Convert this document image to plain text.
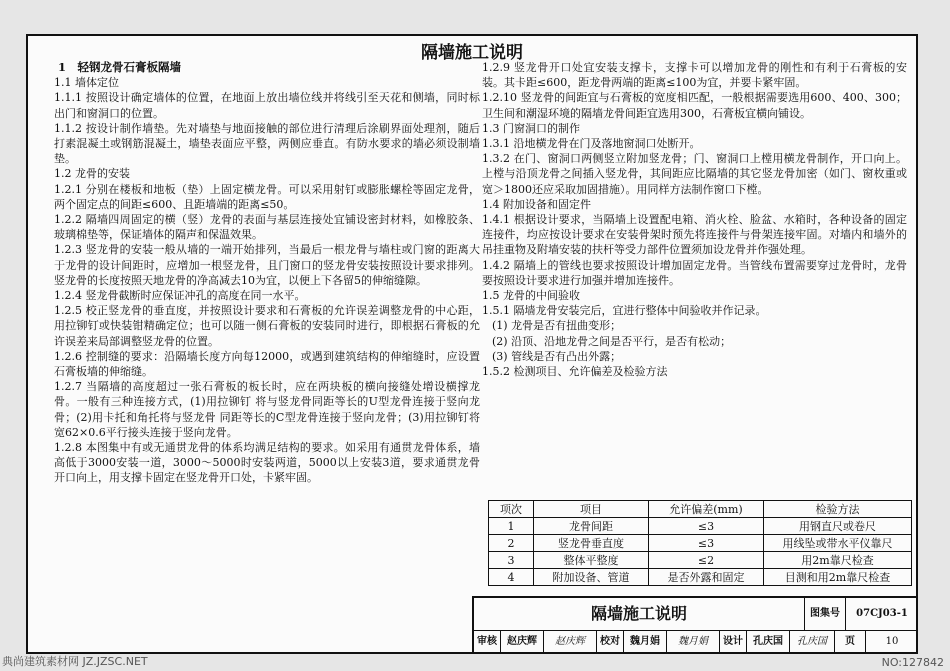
隔墙施工说明

1　轻钢龙骨石膏板隔墙

1.1 墙体定位

1.1.1 按照设计确定墙体的位置，在地面上放出墙位线并将线引至天花和侧墙，同时标出门和窗洞口的位置。

1.1.2 按设计制作墙垫。先对墙垫与地面接触的部位进行清理后涂刷界面处理剂，随后打素混凝土或钢筋混凝土，墙垫表面应平整，两侧应垂直。有防水要求的墙必须设制墙垫。

1.2 龙骨的安装

1.2.1 分别在楼板和地板（垫）上固定横龙骨。可以采用射钉或膨胀螺栓等固定龙骨，两个固定点的间距≤600、且距墙端的距离≤50。

1.2.2 隔墙四周固定的横（竖）龙骨的表面与基层连接处宜铺设密封材料，如橡胶条、玻璃棉垫等，保证墙体的隔声和保温效果。

1.2.3 竖龙骨的安装一般从墙的一端开始排列，当最后一根龙骨与墙柱或门窗的距离大于龙骨的设计间距时，应增加一根竖龙骨，且门窗口的竖龙骨安装按照设计要求排列。竖龙骨的长度按照天地龙骨的净高减去10为宜，以便上下各留5的伸缩缝隙。

1.2.4 竖龙骨截断时应保证冲孔的高度在同一水平。

1.2.5 校正竖龙骨的垂直度，并按照设计要求和石膏板的允许误差调整龙骨的中心距，用拉铆钉或快装钳精确定位；也可以随一侧石膏板的安装同时进行，即根据石膏板的允许误差来局部调整竖龙骨的位置。

1.2.6 控制缝的要求：沿隔墙长度方向每12000，或遇到建筑结构的伸缩缝时，应设置石膏板墙的伸缩缝。

1.2.7 当隔墙的高度超过一张石膏板的板长时，应在两块板的横向接缝处增设横撑龙骨。一般有三种连接方式，(1)用拉铆钉 将与竖龙骨同距等长的U型龙骨连接于竖向龙骨；(2)用卡托和角托将与竖龙骨 同距等长的C型龙骨连接于竖向龙骨；(3)用拉铆钉将宽62×0.6平行接头连接于竖向龙骨。

1.2.8 本图集中有或无通贯龙骨的体系均满足结构的要求。如采用有通贯龙骨体系，墙高低于3000安装一道，3000～5000时安装两道，5000以上安装3道，要求通贯龙骨开口向上，用支撑卡固定在竖龙骨开口处，卡紧牢固。

1.2.9 竖龙骨开口处宜安装支撑卡，支撑卡可以增加龙骨的刚性和有利于石膏板的安装。其卡距≤600，距龙骨两端的距离≤100为宜，并要卡紧牢固。

1.2.10 竖龙骨的间距宜与石膏板的宽度相匹配，一般根据需要选用600、400、300；卫生间和潮湿环境的隔墙龙骨间距宜选用300，石膏板宜横向铺设。

1.3 门窗洞口的制作

1.3.1 沿地横龙骨在门及落地窗洞口处断开。

1.3.2 在门、窗洞口两侧竖立附加竖龙骨；门、窗洞口上樘用横龙骨制作，开口向上。上樘与沿顶龙骨之间插入竖龙骨，其间距应比隔墙的其它竖龙骨加密（如门、窗枚重或宽＞1800还应采取加固措施）。用同样方法制作窗口下樘。

1.4 附加设备和固定件

1.4.1 根据设计要求，当隔墙上设置配电箱、消火栓、脸盆、水箱时，各种设备的固定连接件，均应按设计要求在安装骨架时预先将连接件与骨架连接牢固。对墙内和墙外的吊挂重物及附墙安装的扶杆等受力部件位置须加设龙骨并作强处理。

1.4.2 隔墙上的管线也要求按照设计增加固定龙骨。当管线布置需要穿过龙骨时，龙骨要按照设计要求进行加强并增加连接件。

1.5 龙骨的中间验收

1.5.1 隔墙龙骨安装完后，宜进行整体中间验收并作记录。

(1) 龙骨是否有扭曲变形；

(2) 沿顶、沿地龙骨之间是否平行，是否有松动；

(3) 管线是否有凸出外露；

1.5.2 检测项目、允许偏差及检验方法

项次	项目	允许偏差(mm)	检验方法
1	龙骨间距	≤3	用钢直尺或卷尺
2	竖龙骨垂直度	≤3	用线坠或带水平仪靠尺
3	整体平整度	≤2	用2m靠尺检查
4	附加设备、管道	是否外露和固定	目测和用2m靠尺检查
隔墙施工说明	图集号	07CJ03-1
审核	赵庆辉	赵庆辉	校对	魏月娟	魏月娟	设计	孔庆国	孔庆国	页	10
典尚建筑素材网 JZ.JZSC.NET	NO:127842
